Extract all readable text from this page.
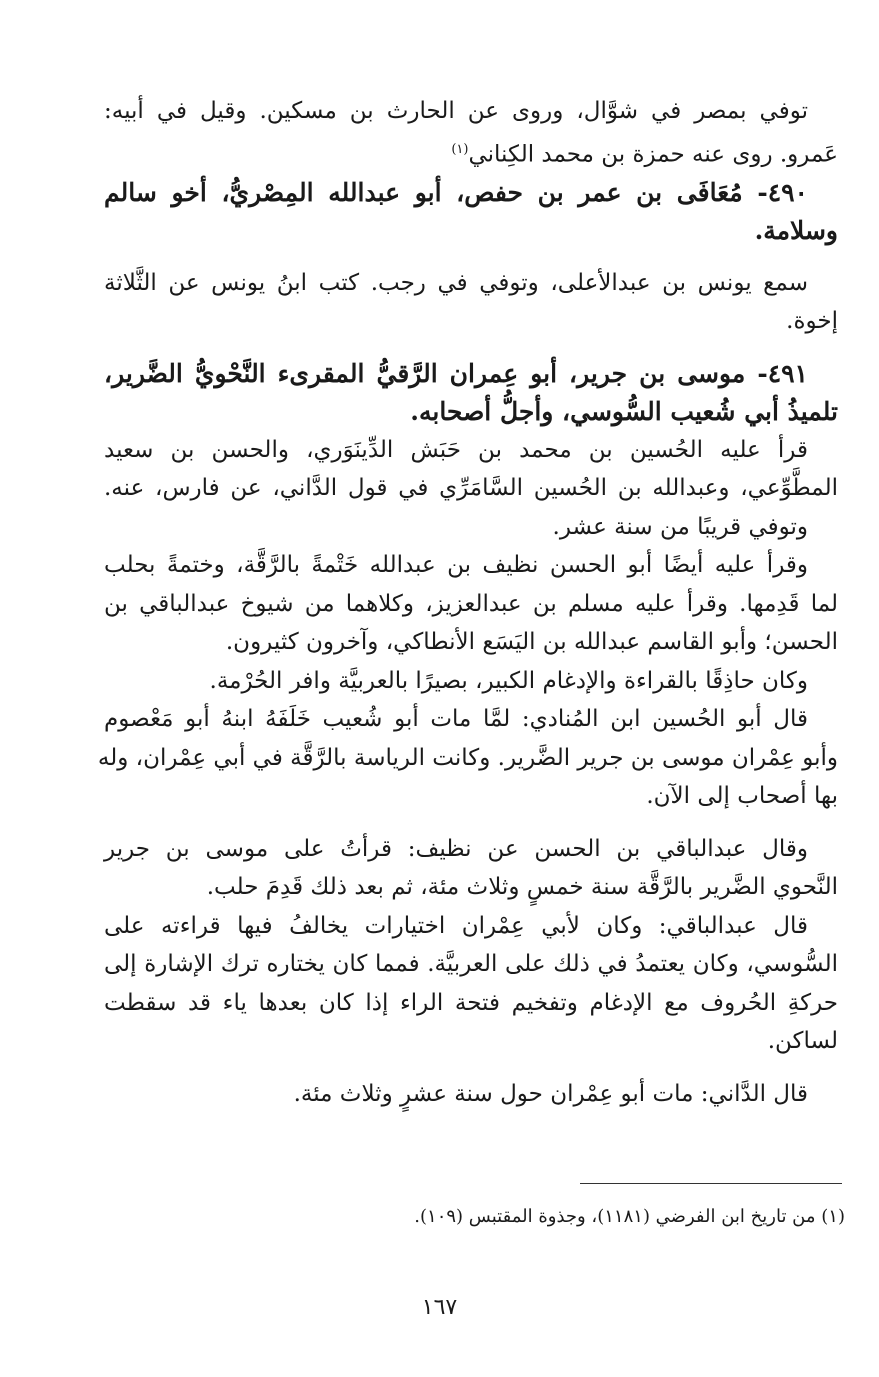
توفي بمصر في شوَّال، وروى عن الحارث بن مسكين. وقيل في أبيه:
عَمرو. روى عنه حمزة بن محمد الكِناني$^{(١)}$
٤٩٠- مُعَافَى بن عمر بن حفص، أبو عبدالله المِصْريُّ، أخو سالم
وسلامة.
سمع يونس بن عبدالأعلى، وتوفي في رجب. كتب ابنُ يونس عن الثَّلاثة
إخوة.
٤٩١- موسى بن جرير، أبو عِمران الرَّقيُّ المقرىء النَّحْويُّ الضَّرير،
تلميذُ أبي شُعيب السُّوسي، وأجلُّ أصحابه.
قرأ عليه الحُسين بن محمد بن حَبَش الدِّينَوَري، والحسن بن سعيد
المطَّوِّعي، وعبدالله بن الحُسين السَّامَرِّي في قول الدَّاني، عن فارس، عنه.
وتوفي قريبًا من سنة عشر.
وقرأ عليه أيضًا أبو الحسن نظيف بن عبدالله خَتْمةً بالرَّقَّة، وختمةً بحلب
لما قَدِمها. وقرأ عليه مسلم بن عبدالعزيز، وكلاهما من شيوخ عبدالباقي بن
الحسن؛ وأبو القاسم عبدالله بن اليَسَع الأنطاكي، وآخرون كثيرون.
وكان حاذِقًا بالقراءة والإدغام الكبير، بصيرًا بالعربيَّة وافر الحُرْمة.
قال أبو الحُسين ابن المُنادي: لمَّا مات أبو شُعيب خَلَفَهُ ابنهُ أبو مَعْصوم
وأبو عِمْران موسى بن جرير الضَّرير. وكانت الرياسة بالرَّقَّة في أبي عِمْران، وله
بها أصحاب إلى الآن.
وقال عبدالباقي بن الحسن عن نظيف: قرأتُ على موسى بن جرير
النَّحوي الضَّرير بالرَّقَّة سنة خمسٍ وثلاث مئة، ثم بعد ذلك قَدِمَ حلب.
قال عبدالباقي: وكان لأبي عِمْران اختيارات يخالفُ فيها قراءته على
السُّوسي، وكان يعتمدُ في ذلك على العربيَّة. فمما كان يختاره ترك الإشارة إلى
حركةِ الحُروف مع الإدغام وتفخيم فتحة الراء إذا كان بعدها ياء قد سقطت
لساكن.
قال الدَّاني: مات أبو عِمْران حول سنة عشرٍ وثلاث مئة.
(١) من تاريخ ابن الفرضي (١١٨١)، وجذوة المقتبس (١٠٩).
١٦٧
